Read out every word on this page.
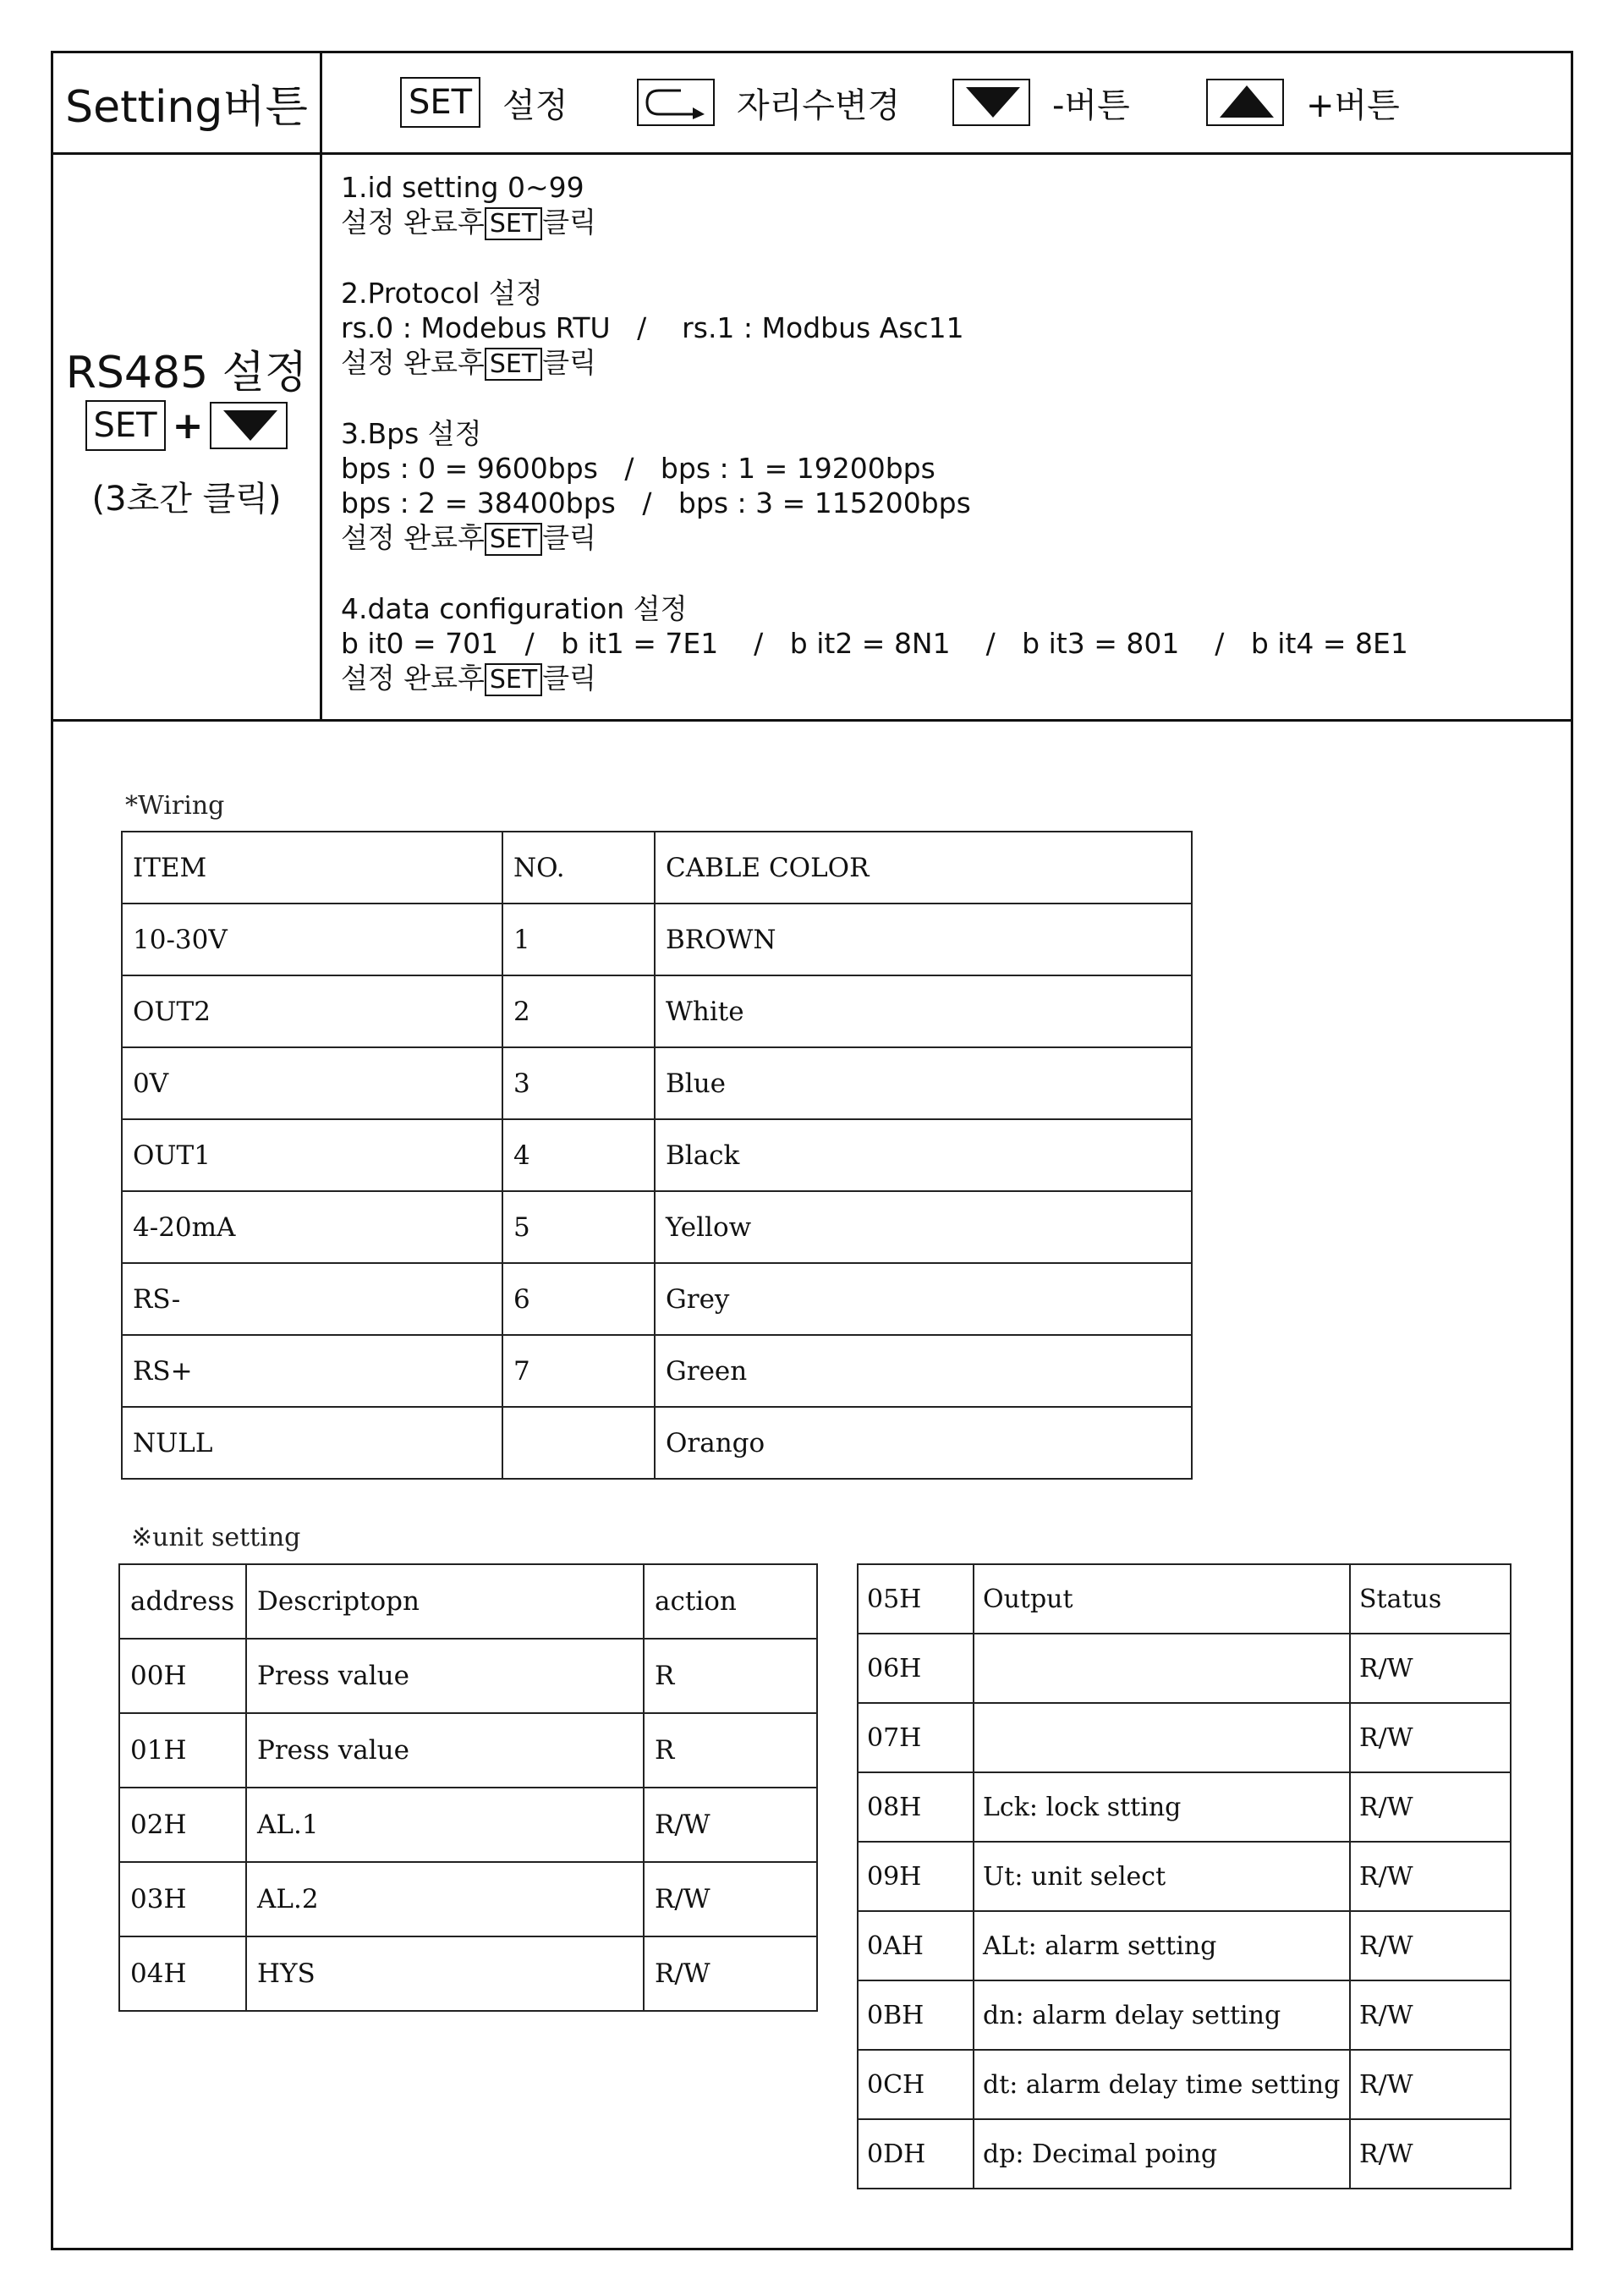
Setting버튼	SET 설정	자리수변경	-버튼	+버튼
RS485 설정
SET +
(3초간 클릭)
1.id setting 0~99
설정 완료후 SET 클릭
2.Protocol 설정
rs.0 : Modebus RTU   /    rs.1 : Modbus Asc11
설정 완료후 SET 클릭
3.Bps 설정
bps : 0 = 9600bps   /   bps : 1 = 19200bps
bps : 2 = 38400bps   /   bps : 3 = 115200bps
설정 완료후 SET 클릭
4.data configuration 설정
b it0 = 701   /   b it1 = 7E1    /   b it2 = 8N1    /   b it3 = 801    /   b it4 = 8E1
설정 완료후 SET 클릭
*Wiring
ITEM	NO.	CABLE COLOR
10-30V	1	BROWN
OUT2	2	White
0V	3	Blue
OUT1	4	Black
4-20mA	5	Yellow
RS-	6	Grey
RS+	7	Green
NULL		Orango
※unit setting
address	Descriptopn	action
00H	Press value	R
01H	Press value	R
02H	AL.1	R/W
03H	AL.2	R/W
04H	HYS	R/W
05H	Output	Status
06H		R/W
07H		R/W
08H	Lck: lock stting	R/W
09H	Ut: unit select	R/W
0AH	ALt: alarm setting	R/W
0BH	dn: alarm delay setting	R/W
0CH	dt: alarm delay time setting	R/W
0DH	dp: Decimal poing	R/W
